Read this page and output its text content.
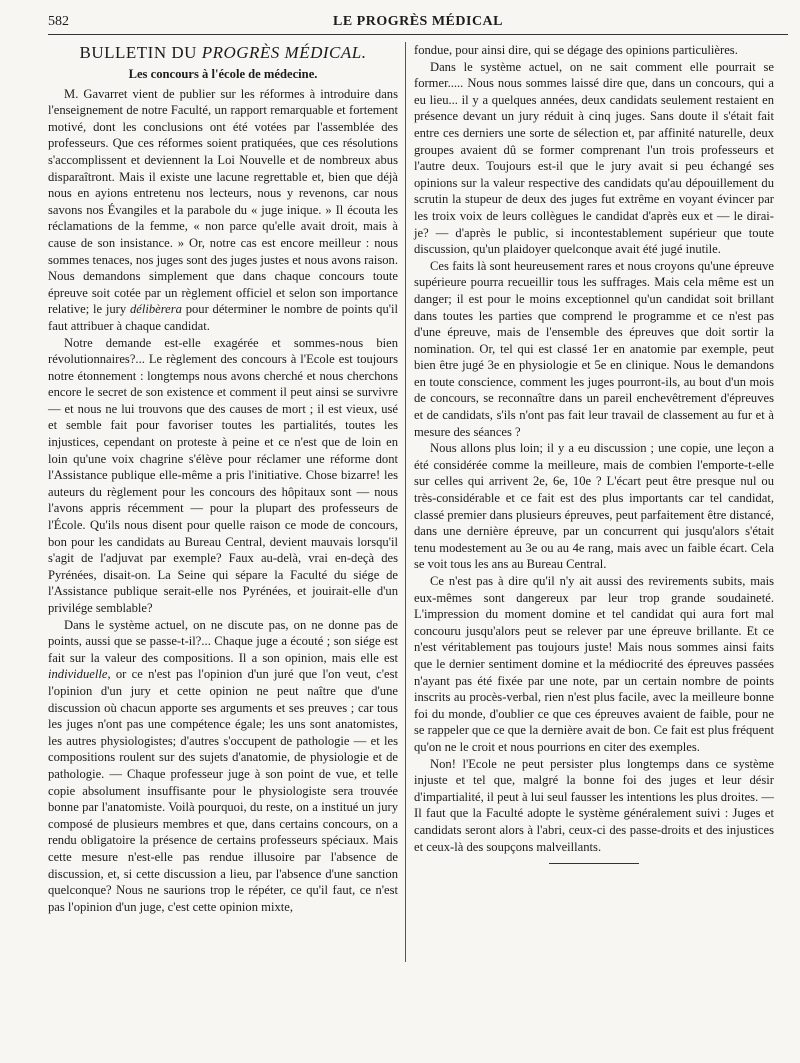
582	LE PROGRÈS MÉDICAL
BULLETIN DU PROGRÈS MÉDICAL.
Les concours à l'école de médecine.

M. Gavarret vient de publier sur les réformes à introduire dans l'enseignement de notre Faculté, un rapport remarquable et fortement motivé, dont les conclusions ont été votées par l'assemblée des professeurs. Que ces réformes soient pratiquées, que ces résolutions s'accomplissent et deviennent la Loi Nouvelle et de nombreux abus disparaîtront. Mais il existe une lacune regrettable et, bien que déjà nous en ayions entretenu nos lecteurs, nous y revenons, car nous savons nos Évangiles et la parabole du « juge inique. » Il écouta les réclamations de la femme, « non parce qu'elle avait droit, mais à cause de son insistance. » Or, notre cas est encore meilleur : nous sommes tenaces, nos juges sont des juges justes et nous avons raison. Nous demandons simplement que dans chaque concours toute épreuve soit cotée par un règlement officiel et selon son importance relative; le jury délibèrera pour déterminer le nombre de points qu'il faut attribuer à chaque candidat.

Notre demande est-elle exagérée et sommes-nous bien révolutionnaires?... Le règlement des concours à l'Ecole est toujours notre étonnement : longtemps nous avons cherché et nous cherchons encore le secret de son existence et comment il peut ainsi se survivre — et nous ne lui trouvons que des causes de mort ; il est vieux, usé et semble fait pour favoriser toutes les partialités, toutes les injustices, cependant on proteste à peine et ce n'est que de loin en loin qu'une voix chagrine s'élève pour réclamer une réforme dont l'Assistance publique elle-même a pris l'initiative. Chose bizarre! les auteurs du règlement pour les concours des hôpitaux sont — nous l'avons appris récemment — pour la plupart des professeurs de l'École. Qu'ils nous disent pour quelle raison ce mode de concours, bon pour les candidats au Bureau Central, devient mauvais lorsqu'il s'agit de l'adjuvat par exemple? Faux au-delà, vrai en-deçà des Pyrénées, disait-on. La Seine qui sépare la Faculté du siége de l'Assistance publique serait-elle nos Pyrénées, et jouirait-elle d'un privilége semblable?

Dans le système actuel, on ne discute pas, on ne donne pas de points, aussi que se passe-t-il?... Chaque juge a écouté ; son siége est fait sur la valeur des compositions. Il a son opinion, mais elle est individuelle, or ce n'est pas l'opinion d'un juré que l'on veut, c'est l'opinion d'un jury et cette opinion ne peut naître que d'une discussion où chacun apporte ses arguments et ses preuves ; car tous les juges n'ont pas une compétence égale; les uns sont anatomistes, les autres physiologistes; d'autres s'occupent de pathologie — et les compositions roulent sur des sujets d'anatomie, de physiologie et de pathologie. — Chaque professeur juge à son point de vue, et telle copie absolument insuffisante pour le physiologiste sera trouvée bonne par l'anatomiste. Voilà pourquoi, du reste, on a institué un jury composé de plusieurs membres et que, dans certains concours, on a rendu obligatoire la présence de certains professeurs spéciaux. Mais cette mesure n'est-elle pas rendue illusoire par l'absence de discussion, et, si cette discussion a lieu, par l'absence d'une sanction quelconque? Nous ne saurions trop le répéter, ce qu'il faut, ce n'est pas l'opinion d'un juge, c'est cette opinion mixte,

fondue, pour ainsi dire, qui se dégage des opinions particulières.

Dans le système actuel, on ne sait comment elle pourrait se former..... Nous nous sommes laissé dire que, dans un concours, qui a eu lieu... il y a quelques années, deux candidats seulement restaient en présence devant un jury réduit à cinq juges. Sans doute il s'était fait entre ces derniers une sorte de sélection et, par affinité naturelle, deux groupes avaient dû se former comprenant l'un trois professeurs et l'autre deux. Toujours est-il que le jury avait si peu échangé ses opinions sur la valeur respective des candidats qu'au dépouillement du scrutin la stupeur de deux des juges fut extrême en voyant évincer par les troix voix de leurs collègues le candidat d'après eux et — le dirai-je? — d'après le public, si incontestablement supérieur que toute discussion, qu'un plaidoyer quelconque avait été jugé inutile.

Ces faits là sont heureusement rares et nous croyons qu'une épreuve supérieure pourra recueillir tous les suffrages. Mais cela même est un danger; il est pour le moins exceptionnel qu'un candidat soit brillant dans toutes les parties que comprend le programme et ce n'est pas d'une épreuve, mais de l'ensemble des épreuves que doit sortir la nomination. Or, tel qui est classé 1er en anatomie par exemple, peut bien être jugé 3e en physiologie et 5e en clinique. Nous le demandons en toute conscience, comment les juges pourront-ils, au bout d'un mois de concours, se reconnaître dans un pareil enchevêtrement d'épreuves et de candidats, s'ils n'ont pas fait leur travail de classement au fur et à mesure des séances ?

Nous allons plus loin; il y a eu discussion ; une copie, une leçon a été considérée comme la meilleure, mais de combien l'emporte-t-elle sur celles qui arrivent 2e, 6e, 10e ? L'écart peut être presque nul ou très-considérable et ce fait est des plus importants car tel candidat, classé premier dans plusieurs épreuves, peut parfaitement être distancé, dans une dernière épreuve, par un concurrent qui jusqu'alors s'était tenu modestement au 3e ou au 4e rang, mais avec un faible écart. Cela se voit tous les ans au Bureau Central.

Ce n'est pas à dire qu'il n'y ait aussi des revirements subits, mais eux-mêmes sont dangereux par leur trop grande soudaineté. L'impression du moment domine et tel candidat qui aura fort mal concouru jusqu'alors peut se relever par une épreuve brillante. Et ce n'est véritablement pas toujours juste! Mais nous sommes ainsi faits que le dernier sentiment domine et la médiocrité des épreuves passées n'ayant pas été fixée par une note, par un certain nombre de points inscrits au procès-verbal, rien n'est plus facile, avec la meilleure bonne foi du monde, d'oublier ce que ces épreuves avaient de faible, pour ne se rappeler que ce que la dernière avait de bon. Ce fait est plus fréquent qu'on ne le croit et nous pourrions en citer des exemples.

Non! l'Ecole ne peut persister plus longtemps dans ce système injuste et tel que, malgré la bonne foi des juges et leur désir d'impartialité, il peut à lui seul fausser les intentions les plus droites. — Il faut que la Faculté adopte le système généralement suivi : Juges et candidats seront alors à l'abri, ceux-ci des passe-droits et des injustices et ceux-là des soupçons malveillants.
